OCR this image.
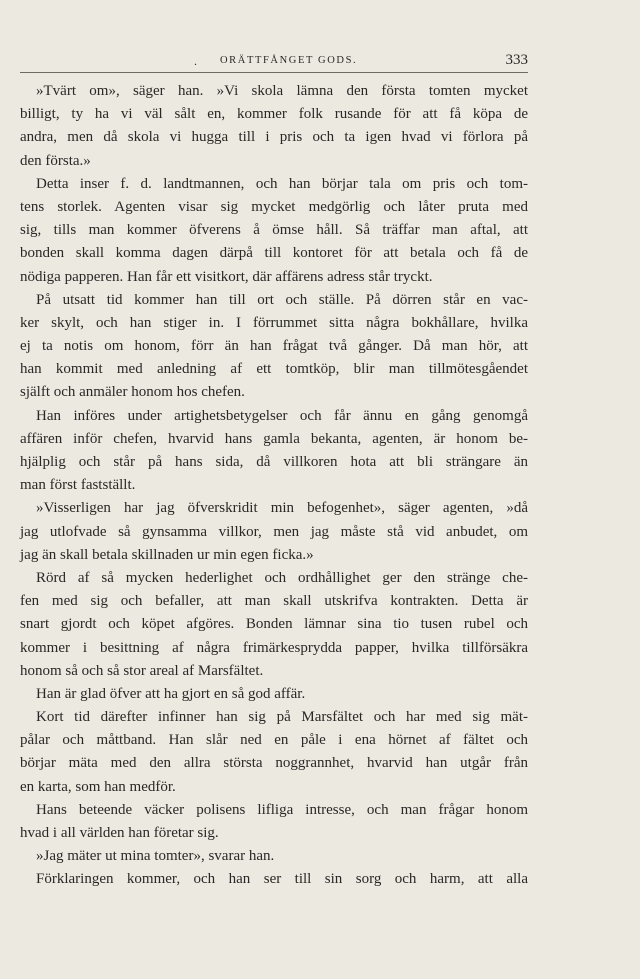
. ORÄTTFÅNGET GODS.	333
»Tvärt om», säger han. »Vi skola lämna den första tomten mycket
billigt, ty ha vi väl sålt en, kommer folk rusande för att få köpa de
andra, men då skola vi hugga till i pris och ta igen hvad vi förlora på
den första.»
Detta inser f. d. landtmannen, och han börjar tala om pris och tom-
tens storlek. Agenten visar sig mycket medgörlig och låter pruta med
sig, tills man kommer öfverens å ömse håll. Så träffar man aftal, att
bonden skall komma dagen därpå till kontoret för att betala och få de
nödiga papperen. Han får ett visitkort, där affärens adress står tryckt.
På utsatt tid kommer han till ort och ställe. På dörren står en vac-
ker skylt, och han stiger in. I förrummet sitta några bokhållare, hvilka
ej ta notis om honom, förr än han frågat två gånger. Då man hör, att
han kommit med anledning af ett tomtköp, blir man tillmötesgåendet
själft och anmäler honom hos chefen.
Han införes under artighetsbetygelser och får ännu en gång genomgå
affären inför chefen, hvarvid hans gamla bekanta, agenten, är honom be-
hjälplig och står på hans sida, då villkoren hota att bli strängare än
man först fastställt.
»Visserligen har jag öfverskridit min befogenhet», säger agenten, »då
jag utlofvade så gynsamma villkor, men jag måste stå vid anbudet, om
jag än skall betala skillnaden ur min egen ficka.»
Rörd af så mycken hederlighet och ordhållighet ger den stränge che-
fen med sig och befaller, att man skall utskrifva kontrakten. Detta är
snart gjordt och köpet afgöres. Bonden lämnar sina tio tusen rubel och
kommer i besittning af några frimärkesprydda papper, hvilka tillförsäkra
honom så och så stor areal af Marsfältet.
Han är glad öfver att ha gjort en så god affär.
Kort tid därefter infinner han sig på Marsfältet och har med sig mät-
pålar och måttband. Han slår ned en påle i ena hörnet af fältet och
börjar mäta med den allra största noggrannhet, hvarvid han utgår från
en karta, som han medför.
Hans beteende väcker polisens lifliga intresse, och man frågar honom
hvad i all världen han företar sig.
»Jag mäter ut mina tomter», svarar han.
Förklaringen kommer, och han ser till sin sorg och harm, att alla
